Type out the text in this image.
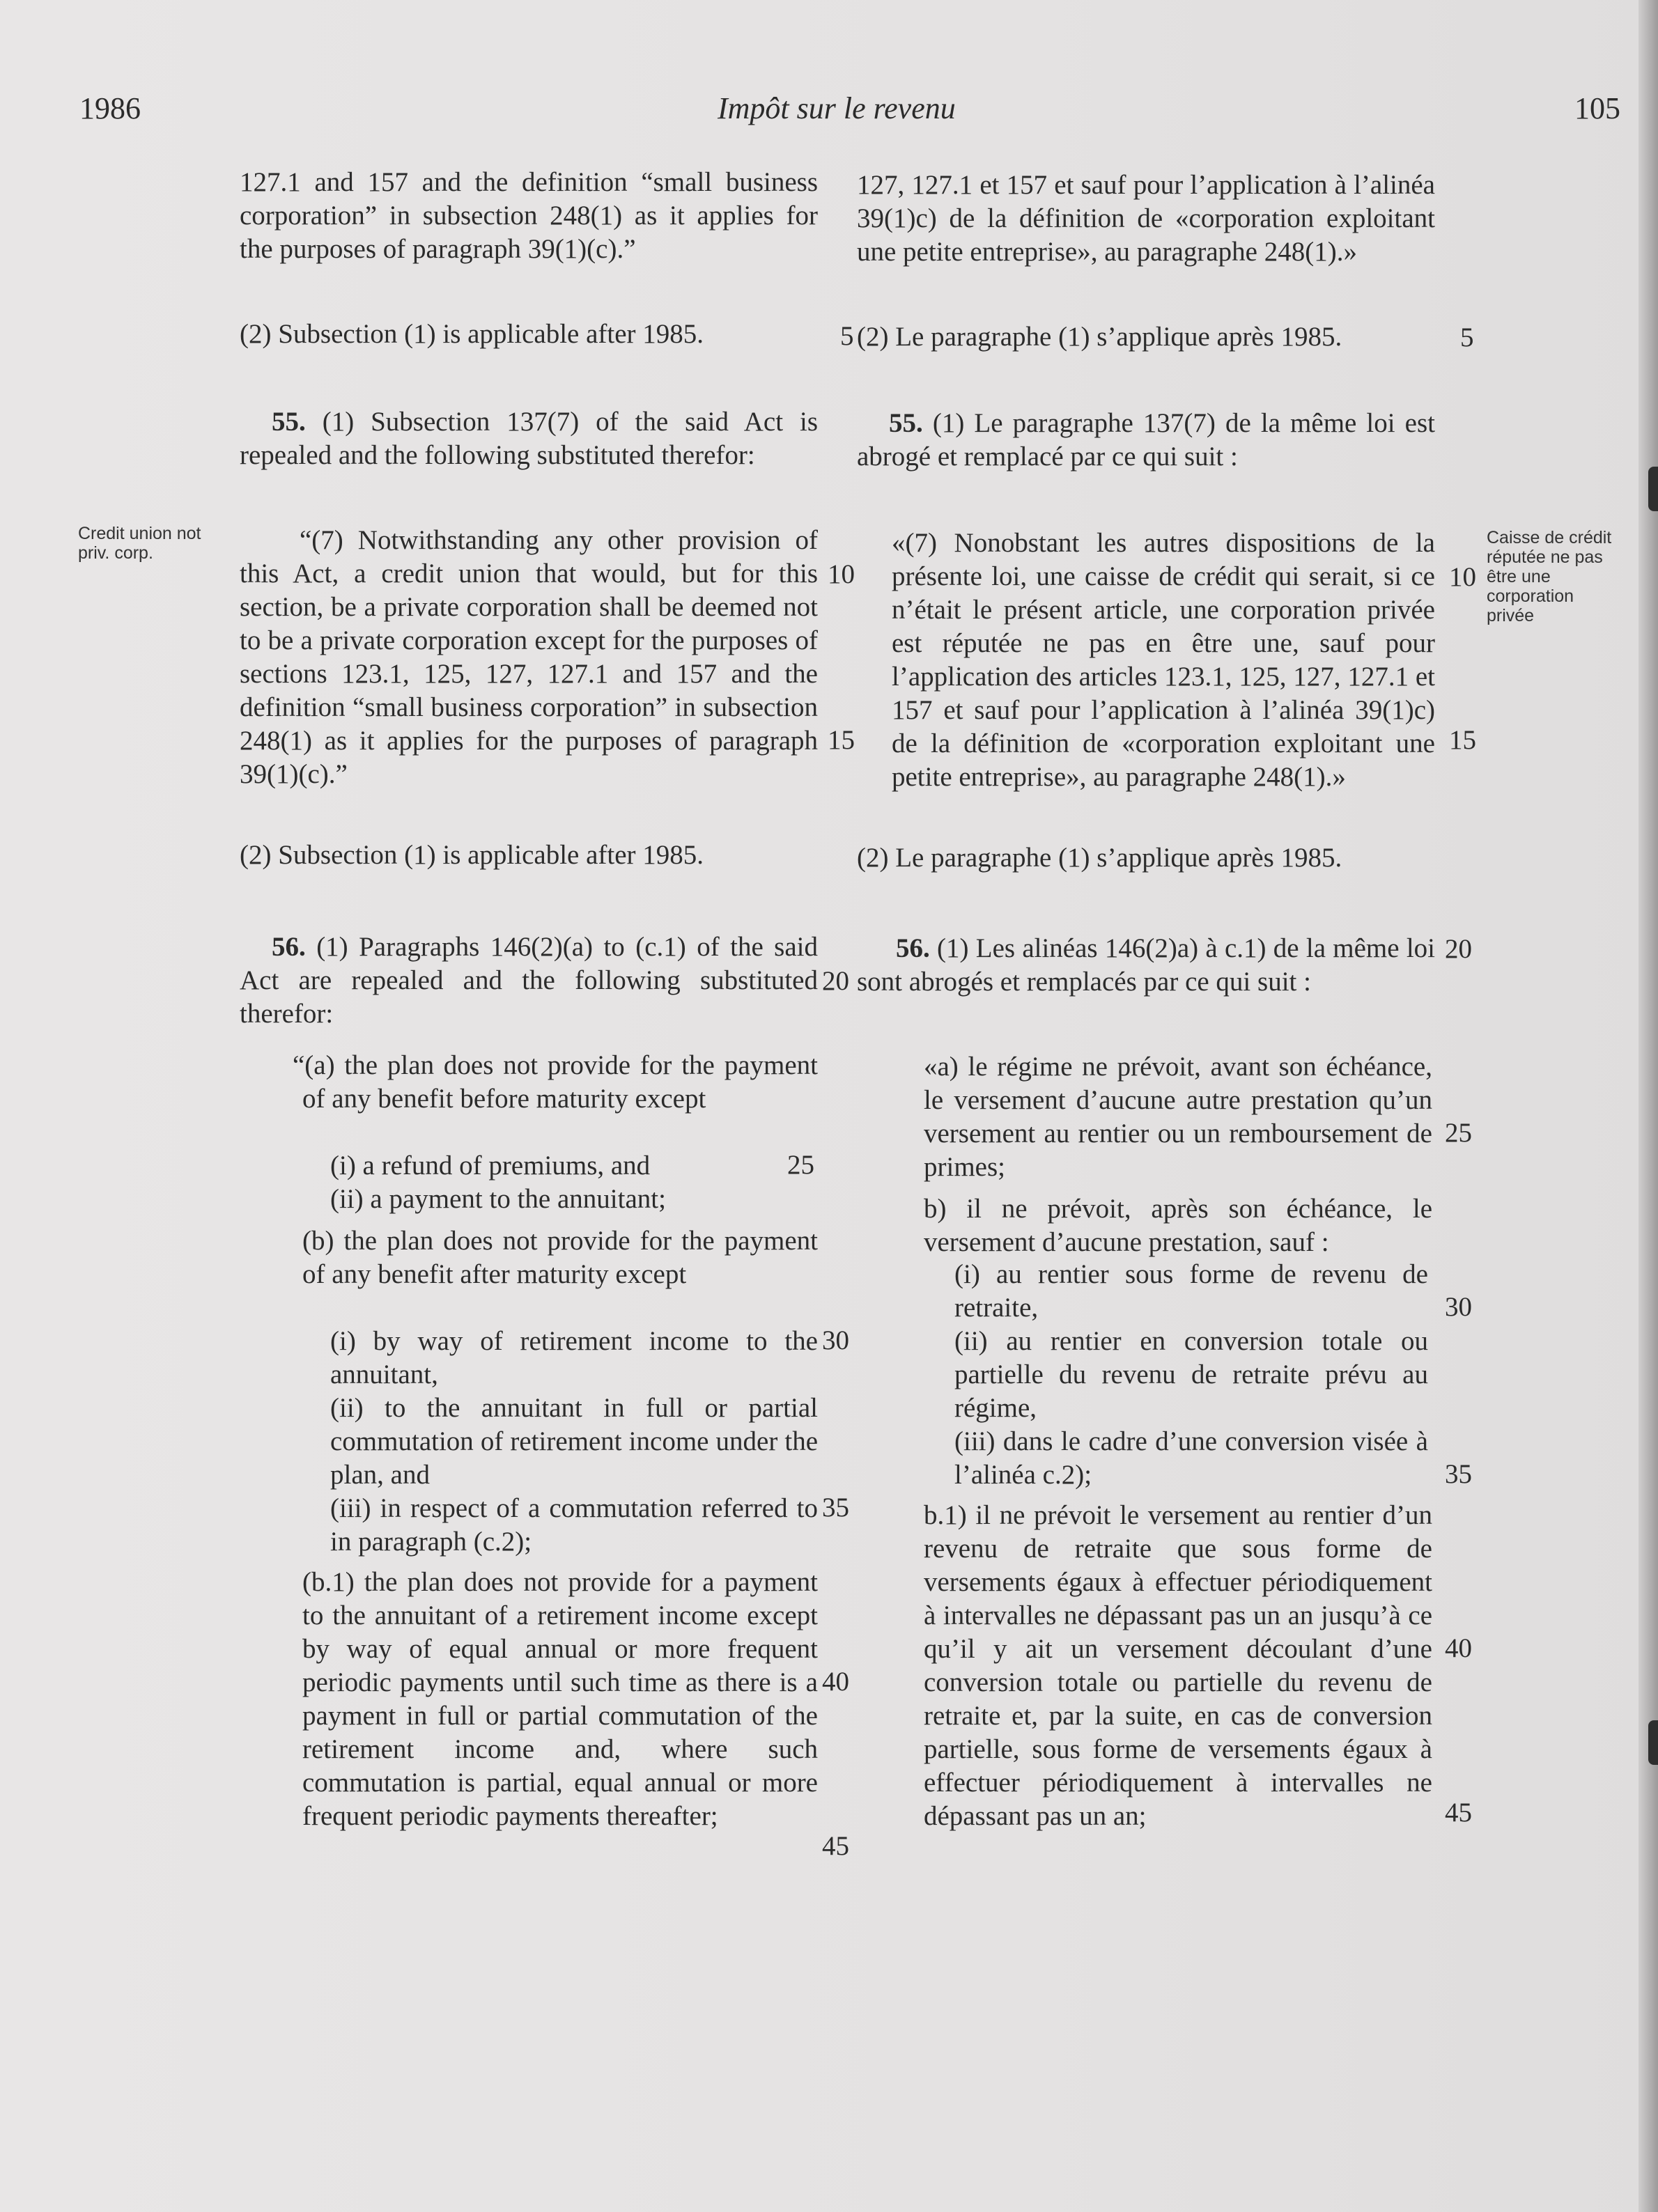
1986	Impôt sur le revenu	105
Credit union not priv. corp.
Caisse de crédit réputée ne pas être une corporation privée

127.1 and 157 and the definition “small business corporation” in subsection 248(1) as it applies for the purposes of paragraph 39(1)(c).”

(2) Subsection (1) is applicable after 1985.

55. (1) Subsection 137(7) of the said Act is repealed and the following substituted therefor:

“(7) Notwithstanding any other provision of this Act, a credit union that would, but for this section, be a private corporation shall be deemed not to be a private corporation except for the purposes of sections 123.1, 125, 127, 127.1 and 157 and the definition “small business corporation” in subsection 248(1) as it applies for the purposes of paragraph 39(1)(c).”

(2) Subsection (1) is applicable after 1985.

56. (1) Paragraphs 146(2)(a) to (c.1) of the said Act are repealed and the following substituted therefor:

“(a) the plan does not provide for the payment of any benefit before maturity except

(i) a refund of premiums, and

(ii) a payment to the annuitant;

(b) the plan does not provide for the payment of any benefit after maturity except

(i) by way of retirement income to the annuitant,

(ii) to the annuitant in full or partial commutation of retirement income under the plan, and

(iii) in respect of a commutation referred to in paragraph (c.2);

(b.1) the plan does not provide for a payment to the annuitant of a retirement income except by way of equal annual or more frequent periodic payments until such time as there is a payment in full or partial commutation of the retirement income and, where such commutation is partial, equal annual or more frequent periodic payments thereafter;

127, 127.1 et 157 et sauf pour l’application à l’alinéa 39(1)c) de la définition de «corporation exploitant une petite entreprise», au paragraphe 248(1).»

(2) Le paragraphe (1) s’applique après 1985.

55. (1) Le paragraphe 137(7) de la même loi est abrogé et remplacé par ce qui suit :

«(7) Nonobstant les autres dispositions de la présente loi, une caisse de crédit qui serait, si ce n’était le présent article, une corporation privée est réputée ne pas en être une, sauf pour l’application des articles 123.1, 125, 127, 127.1 et 157 et sauf pour l’application à l’alinéa 39(1)c) de la définition de «corporation exploitant une petite entreprise», au paragraphe 248(1).»

(2) Le paragraphe (1) s’applique après 1985.

56. (1) Les alinéas 146(2)a) à c.1) de la même loi sont abrogés et remplacés par ce qui suit :

«a) le régime ne prévoit, avant son échéance, le versement d’aucune autre prestation qu’un versement au rentier ou un remboursement de primes;

b) il ne prévoit, après son échéance, le versement d’aucune prestation, sauf :

(i) au rentier sous forme de revenu de retraite,

(ii) au rentier en conversion totale ou partielle du revenu de retraite prévu au régime,

(iii) dans le cadre d’une conversion visée à l’alinéa c.2);

b.1) il ne prévoit le versement au rentier d’un revenu de retraite que sous forme de versements égaux à effectuer périodiquement à intervalles ne dépassant pas un an jusqu’à ce qu’il y ait un versement découlant d’une conversion totale ou partielle du revenu de retraite et, par la suite, en cas de conversion partielle, sous forme de versements égaux à effectuer périodiquement à intervalles ne dépassant pas un an;

5
10
15
20
25
30
35
40
45
5
10
15
20
25
30
35
40
45
